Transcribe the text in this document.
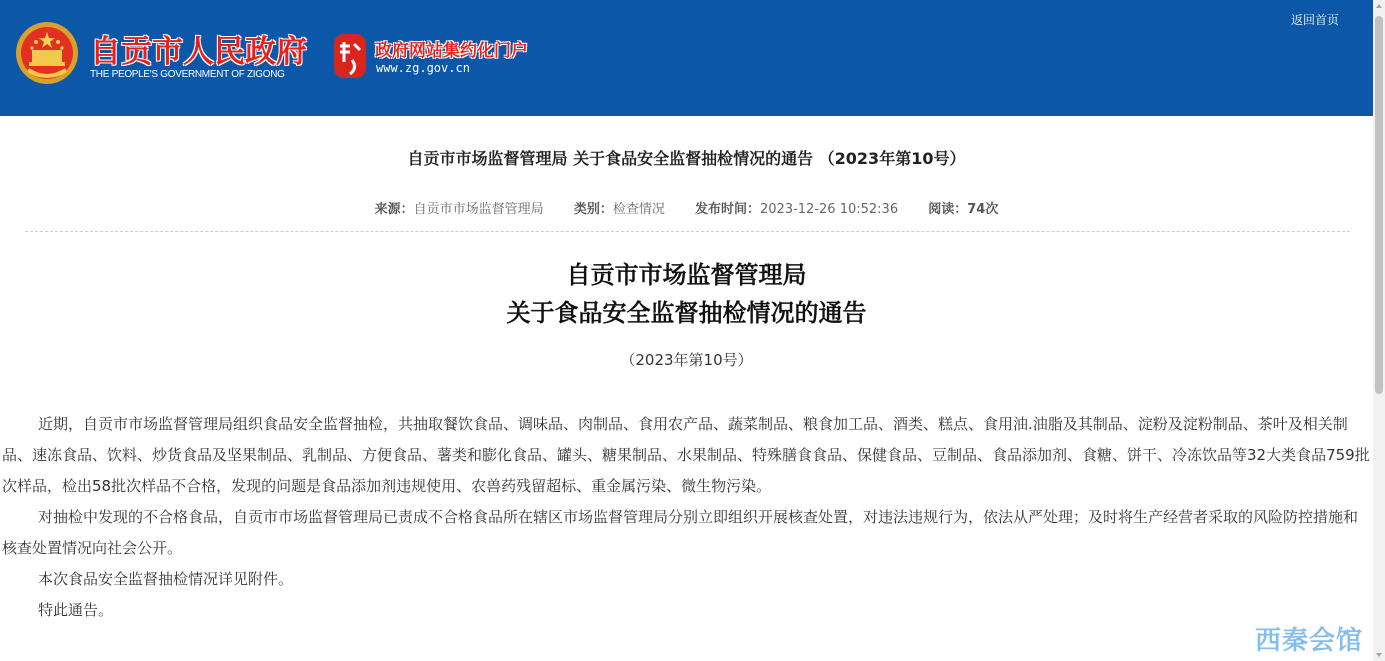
自贡市人民政府
THE PEOPLE'S GOVERNMENT OF ZIGONG
政府网站集约化门户
www.zg.gov.cn
返回首页
自贡市市场监督管理局 关于食品安全监督抽检情况的通告 （2023年第10号）
来源：自贡市市场监督管理局 类别：检查情况 发布时间：2023-12-26 10:52:36 阅读：74次
自贡市市场监督管理局
关于食品安全监督抽检情况的通告
（2023年第10号）

近期，自贡市市场监督管理局组织食品安全监督抽检，共抽取餐饮食品、调味品、肉制品、食用农产品、蔬菜制品、粮食加工品、酒类、糕点、食用油.油脂及其制品、淀粉及淀粉制品、茶叶及相关制品、速冻食品、饮料、炒货食品及坚果制品、乳制品、方便食品、薯类和膨化食品、罐头、糖果制品、水果制品、特殊膳食食品、保健食品、豆制品、食品添加剂、食糖、饼干、冷冻饮品等32大类食品759批次样品，检出58批次样品不合格，发现的问题是食品添加剂违规使用、农兽药残留超标、重金属污染、微生物污染。

对抽检中发现的不合格食品，自贡市市场监督管理局已责成不合格食品所在辖区市场监督管理局分别立即组织开展核查处置，对违法违规行为，依法从严处理；及时将生产经营者采取的风险防控措施和核查处置情况向社会公开。

本次食品安全监督抽检情况详见附件。

特此通告。

西秦会馆
